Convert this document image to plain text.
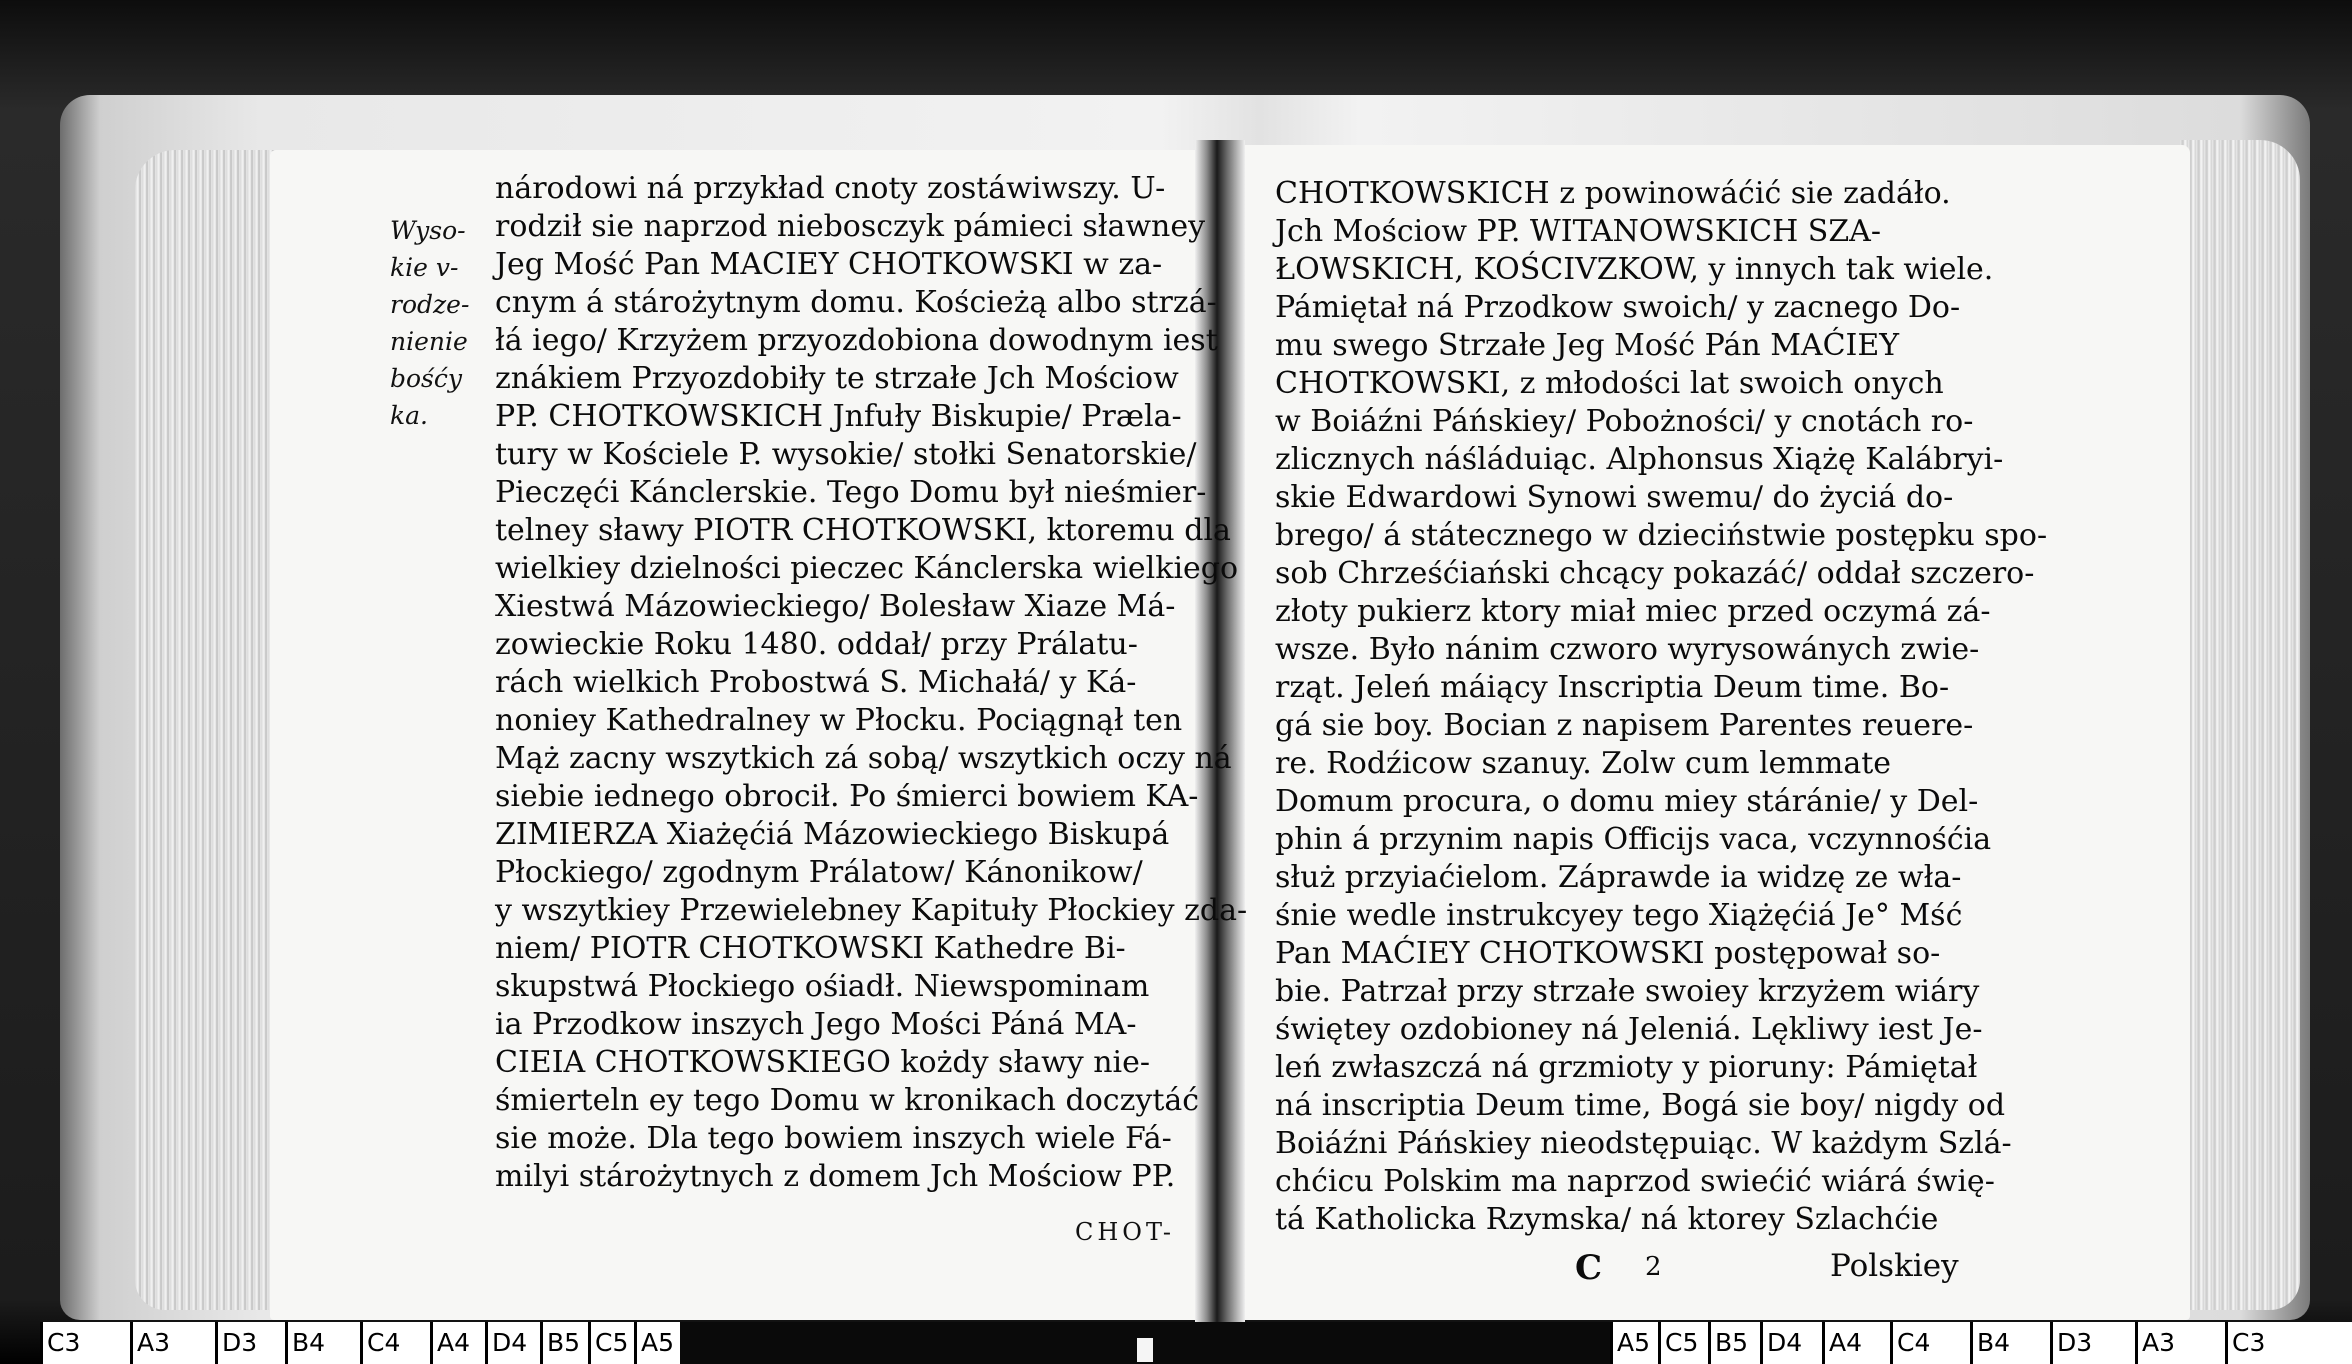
Wyso-
kie v-
rodze-
nienie
bośćy
ka.
národowi ná przykład cnoty zostáwiwszy. U-
rodził sie naprzod niebosczyk pámieci sławney
Jeg Mość Pan MACIEY CHOTKOWSKI w za-
cnym á stárożytnym domu. Kościeżą albo strzá-
łá iego/ Krzyżem przyozdobiona dowodnym iest
znákiem Przyozdobiły te strzałe Jch Mościow
PP. CHOTKOWSKICH Jnfuły Biskupie/ Præla-
tury w Kościele P. wysokie/ stołki Senatorskie/
Pieczęći Kánclerskie. Tego Domu był nieśmier-
telney sławy PIOTR CHOTKOWSKI, ktoremu dla
wielkiey dzielności pieczec Kánclerska wielkiego
Xiestwá Mázowieckiego/ Bolesław Xiaze Má-
zowieckie Roku 1480. oddał/ przy Prálatu-
rách wielkich Probostwá S. Michałá/ y Ká-
noniey Kathedralney w Płocku. Pociągnął ten
Mąż zacny wszytkich zá sobą/ wszytkich oczy ná
siebie iednego obrocił. Po śmierci bowiem KA-
ZIMIERZA Xiażęćiá Mázowieckiego Biskupá
Płockiego/ zgodnym Prálatow/ Kánonikow/
y wszytkiey Przewielebney Kapituły Płockiey zda-
niem/ PIOTR CHOTKOWSKI Kathedre Bi-
skupstwá Płockiego ośiadł. Niewspominam
ia Przodkow inszych Jego Mości Páná MA-
CIEIA CHOTKOWSKIEGO kożdy sławy nie-
śmierteln ey tego Domu w kronikach doczytáć
sie może. Dla tego bowiem inszych wiele Fá-
milyi stárożytnych z domem Jch Mościow PP.
CHOT-
CHOTKOWSKICH z powinowáćić sie zadáło.
Jch Mościow PP. WITANOWSKICH SZA-
ŁOWSKICH, KOŚCIVZKOW, y innych tak wiele.
Pámiętał ná Przodkow swoich/ y zacnego Do-
mu swego Strzałe Jeg Mość Pán MAĆIEY
CHOTKOWSKI, z młodości lat swoich onych
w Boiáźni Páńskiey/ Pobożności/ y cnotách ro-
zlicznych náśláduiąc. Alphonsus Xiążę Kalábryi-
skie Edwardowi Synowi swemu/ do życiá do-
brego/ á státecznego w dzieciństwie postępku spo-
sob Chrześćiański chcący pokazáć/ oddał szczero-
złoty pukierz ktory miał miec przed oczymá zá-
wsze. Było nánim czworo wyrysowánych zwie-
rząt. Jeleń máiący Inscriptia Deum time. Bo-
gá sie boy. Bocian z napisem Parentes reuere-
re. Rodźicow szanuy. Zolw cum lemmate
Domum procura, o domu miey stáránie/ y Del-
phin á przynim napis Officijs vaca, vczynnośćia
służ przyiaćielom. Záprawde ia widzę ze wła-
śnie wedle instrukcyey tego Xiążęćiá Je° Mść
Pan MAĆIEY CHOTKOWSKI postępował so-
bie. Patrzał przy strzałe swoiey krzyżem wiáry
świętey ozdobioney ná Jeleniá. Lękliwy iest Je-
leń zwłaszczá ná grzmioty y pioruny: Pámiętał
ná inscriptia Deum time, Bogá sie boy/ nigdy od
Boiáźni Páńskiey nieodstępuiąc. W każdym Szlá-
chćicu Polskim ma naprzod swiećić wiárá świę-
tá Katholicka Rzymska/ ná ktorey Szlachćie
C 2	Polskiey
C3 A3 D3 B4 C4 A4 D4 B5 C5 A5	A5 C5 B5 D4 A4 C4 B4 D3 A3 C3
